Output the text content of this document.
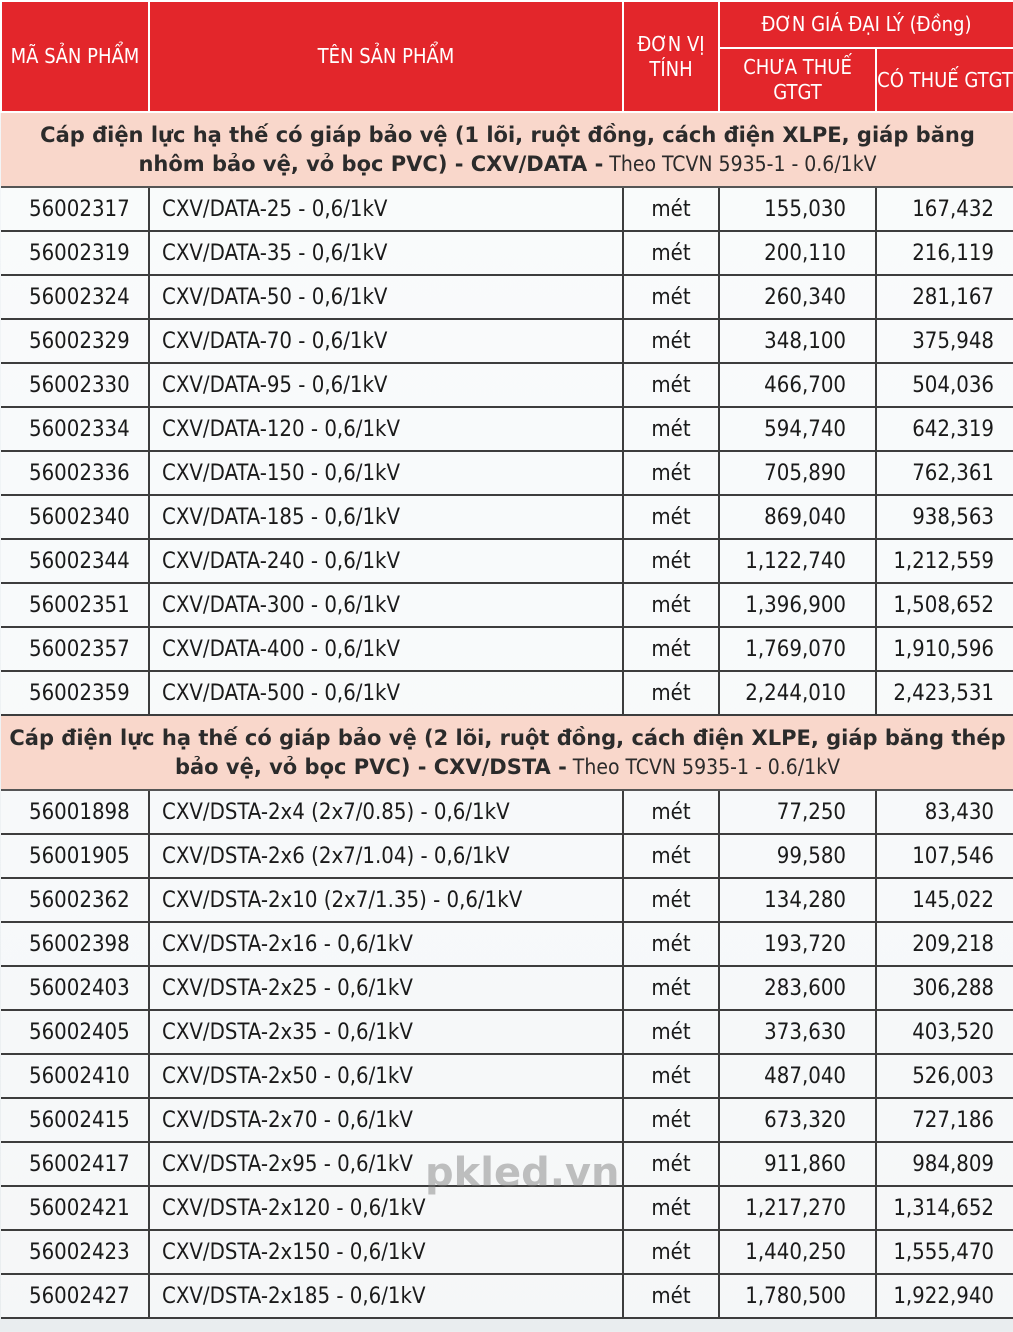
MÃ SẢN PHẨM	TÊN SẢN PHẨM	ĐƠN VỊ TÍNH	ĐƠN GIÁ ĐẠI LÝ (Đồng)	
			CHƯA THUẾ GTGT	CÓ THUẾ GTGT
Cáp điện lực hạ thế có giáp bảo vệ (1 lõi, ruột đồng, cách điện XLPE, giáp băng nhôm bảo vệ, vỏ bọc PVC) - CXV/DATA - Theo TCVN 5935-1 - 0.6/1kV				
56002317	CXV/DATA-25 - 0,6/1kV	mét	155,030	167,432
56002319	CXV/DATA-35 - 0,6/1kV	mét	200,110	216,119
56002324	CXV/DATA-50 - 0,6/1kV	mét	260,340	281,167
56002329	CXV/DATA-70 - 0,6/1kV	mét	348,100	375,948
56002330	CXV/DATA-95 - 0,6/1kV	mét	466,700	504,036
56002334	CXV/DATA-120 - 0,6/1kV	mét	594,740	642,319
56002336	CXV/DATA-150 - 0,6/1kV	mét	705,890	762,361
56002340	CXV/DATA-185 - 0,6/1kV	mét	869,040	938,563
56002344	CXV/DATA-240 - 0,6/1kV	mét	1,122,740	1,212,559
56002351	CXV/DATA-300 - 0,6/1kV	mét	1,396,900	1,508,652
56002357	CXV/DATA-400 - 0,6/1kV	mét	1,769,070	1,910,596
56002359	CXV/DATA-500 - 0,6/1kV	mét	2,244,010	2,423,531
Cáp điện lực hạ thế có giáp bảo vệ (2 lõi, ruột đồng, cách điện XLPE, giáp băng thép bảo vệ, vỏ bọc PVC) - CXV/DSTA - Theo TCVN 5935-1 - 0.6/1kV				
56001898	CXV/DSTA-2x4 (2x7/0.85) - 0,6/1kV	mét	77,250	83,430
56001905	CXV/DSTA-2x6 (2x7/1.04) - 0,6/1kV	mét	99,580	107,546
56002362	CXV/DSTA-2x10 (2x7/1.35) - 0,6/1kV	mét	134,280	145,022
56002398	CXV/DSTA-2x16 - 0,6/1kV	mét	193,720	209,218
56002403	CXV/DSTA-2x25 - 0,6/1kV	mét	283,600	306,288
56002405	CXV/DSTA-2x35 - 0,6/1kV	mét	373,630	403,520
56002410	CXV/DSTA-2x50 - 0,6/1kV	mét	487,040	526,003
56002415	CXV/DSTA-2x70 - 0,6/1kV	mét	673,320	727,186
56002417	CXV/DSTA-2x95 - 0,6/1kV	mét	911,860	984,809
56002421	CXV/DSTA-2x120 - 0,6/1kV	mét	1,217,270	1,314,652
56002423	CXV/DSTA-2x150 - 0,6/1kV	mét	1,440,250	1,555,470
56002427	CXV/DSTA-2x185 - 0,6/1kV	mét	1,780,500	1,922,940
pkled.vn
